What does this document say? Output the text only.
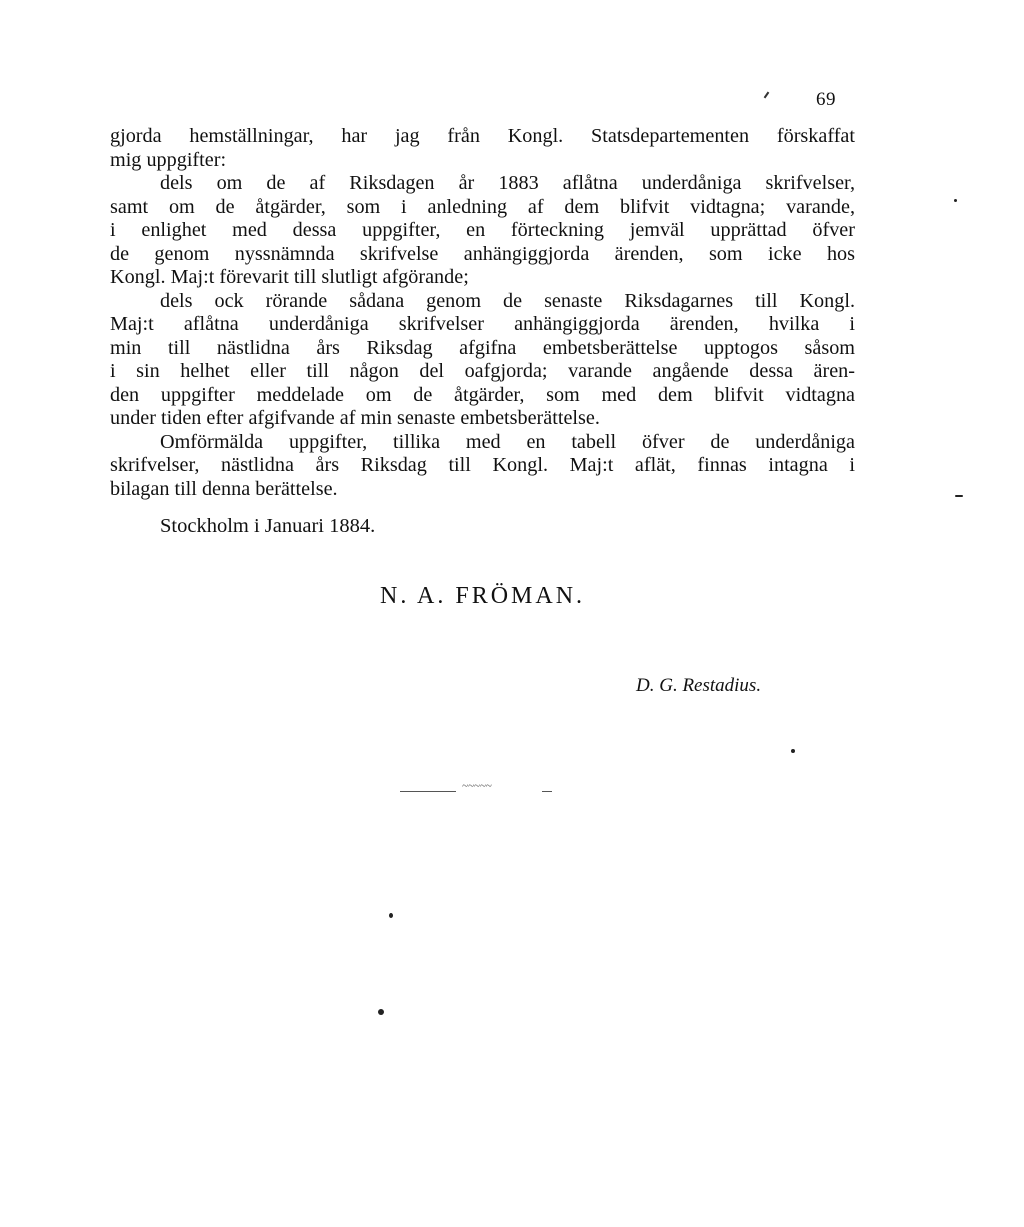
69
gjorda hemställningar, har jag från Kongl. Statsdepartementen förskaffat
mig uppgifter:
dels om de af Riksdagen år 1883 aflåtna underdåniga skrifvelser,
samt om de åtgärder, som i anledning af dem blifvit vidtagna; varande,
i enlighet med dessa uppgifter, en förteckning jemväl upprättad öfver
de genom nyssnämnda skrifvelse anhängiggjorda ärenden, som icke hos
Kongl. Maj:t förevarit till slutligt afgörande;
dels ock rörande sådana genom de senaste Riksdagarnes till Kongl.
Maj:t aflåtna underdåniga skrifvelser anhängiggjorda ärenden, hvilka i
min till nästlidna års Riksdag afgifna embetsberättelse upptogos såsom
i sin helhet eller till någon del oafgjorda; varande angående dessa ären-
den uppgifter meddelade om de åtgärder, som med dem blifvit vidtagna
under tiden efter afgifvande af min senaste embetsberättelse.
Omförmälda uppgifter, tillika med en tabell öfver de underdåniga
skrifvelser, nästlidna års Riksdag till Kongl. Maj:t aflät, finnas intagna i
bilagan till denna berättelse.
Stockholm i Januari 1884.
N. A. FRÖMAN.
D. G. Restadius.
~~~~~
